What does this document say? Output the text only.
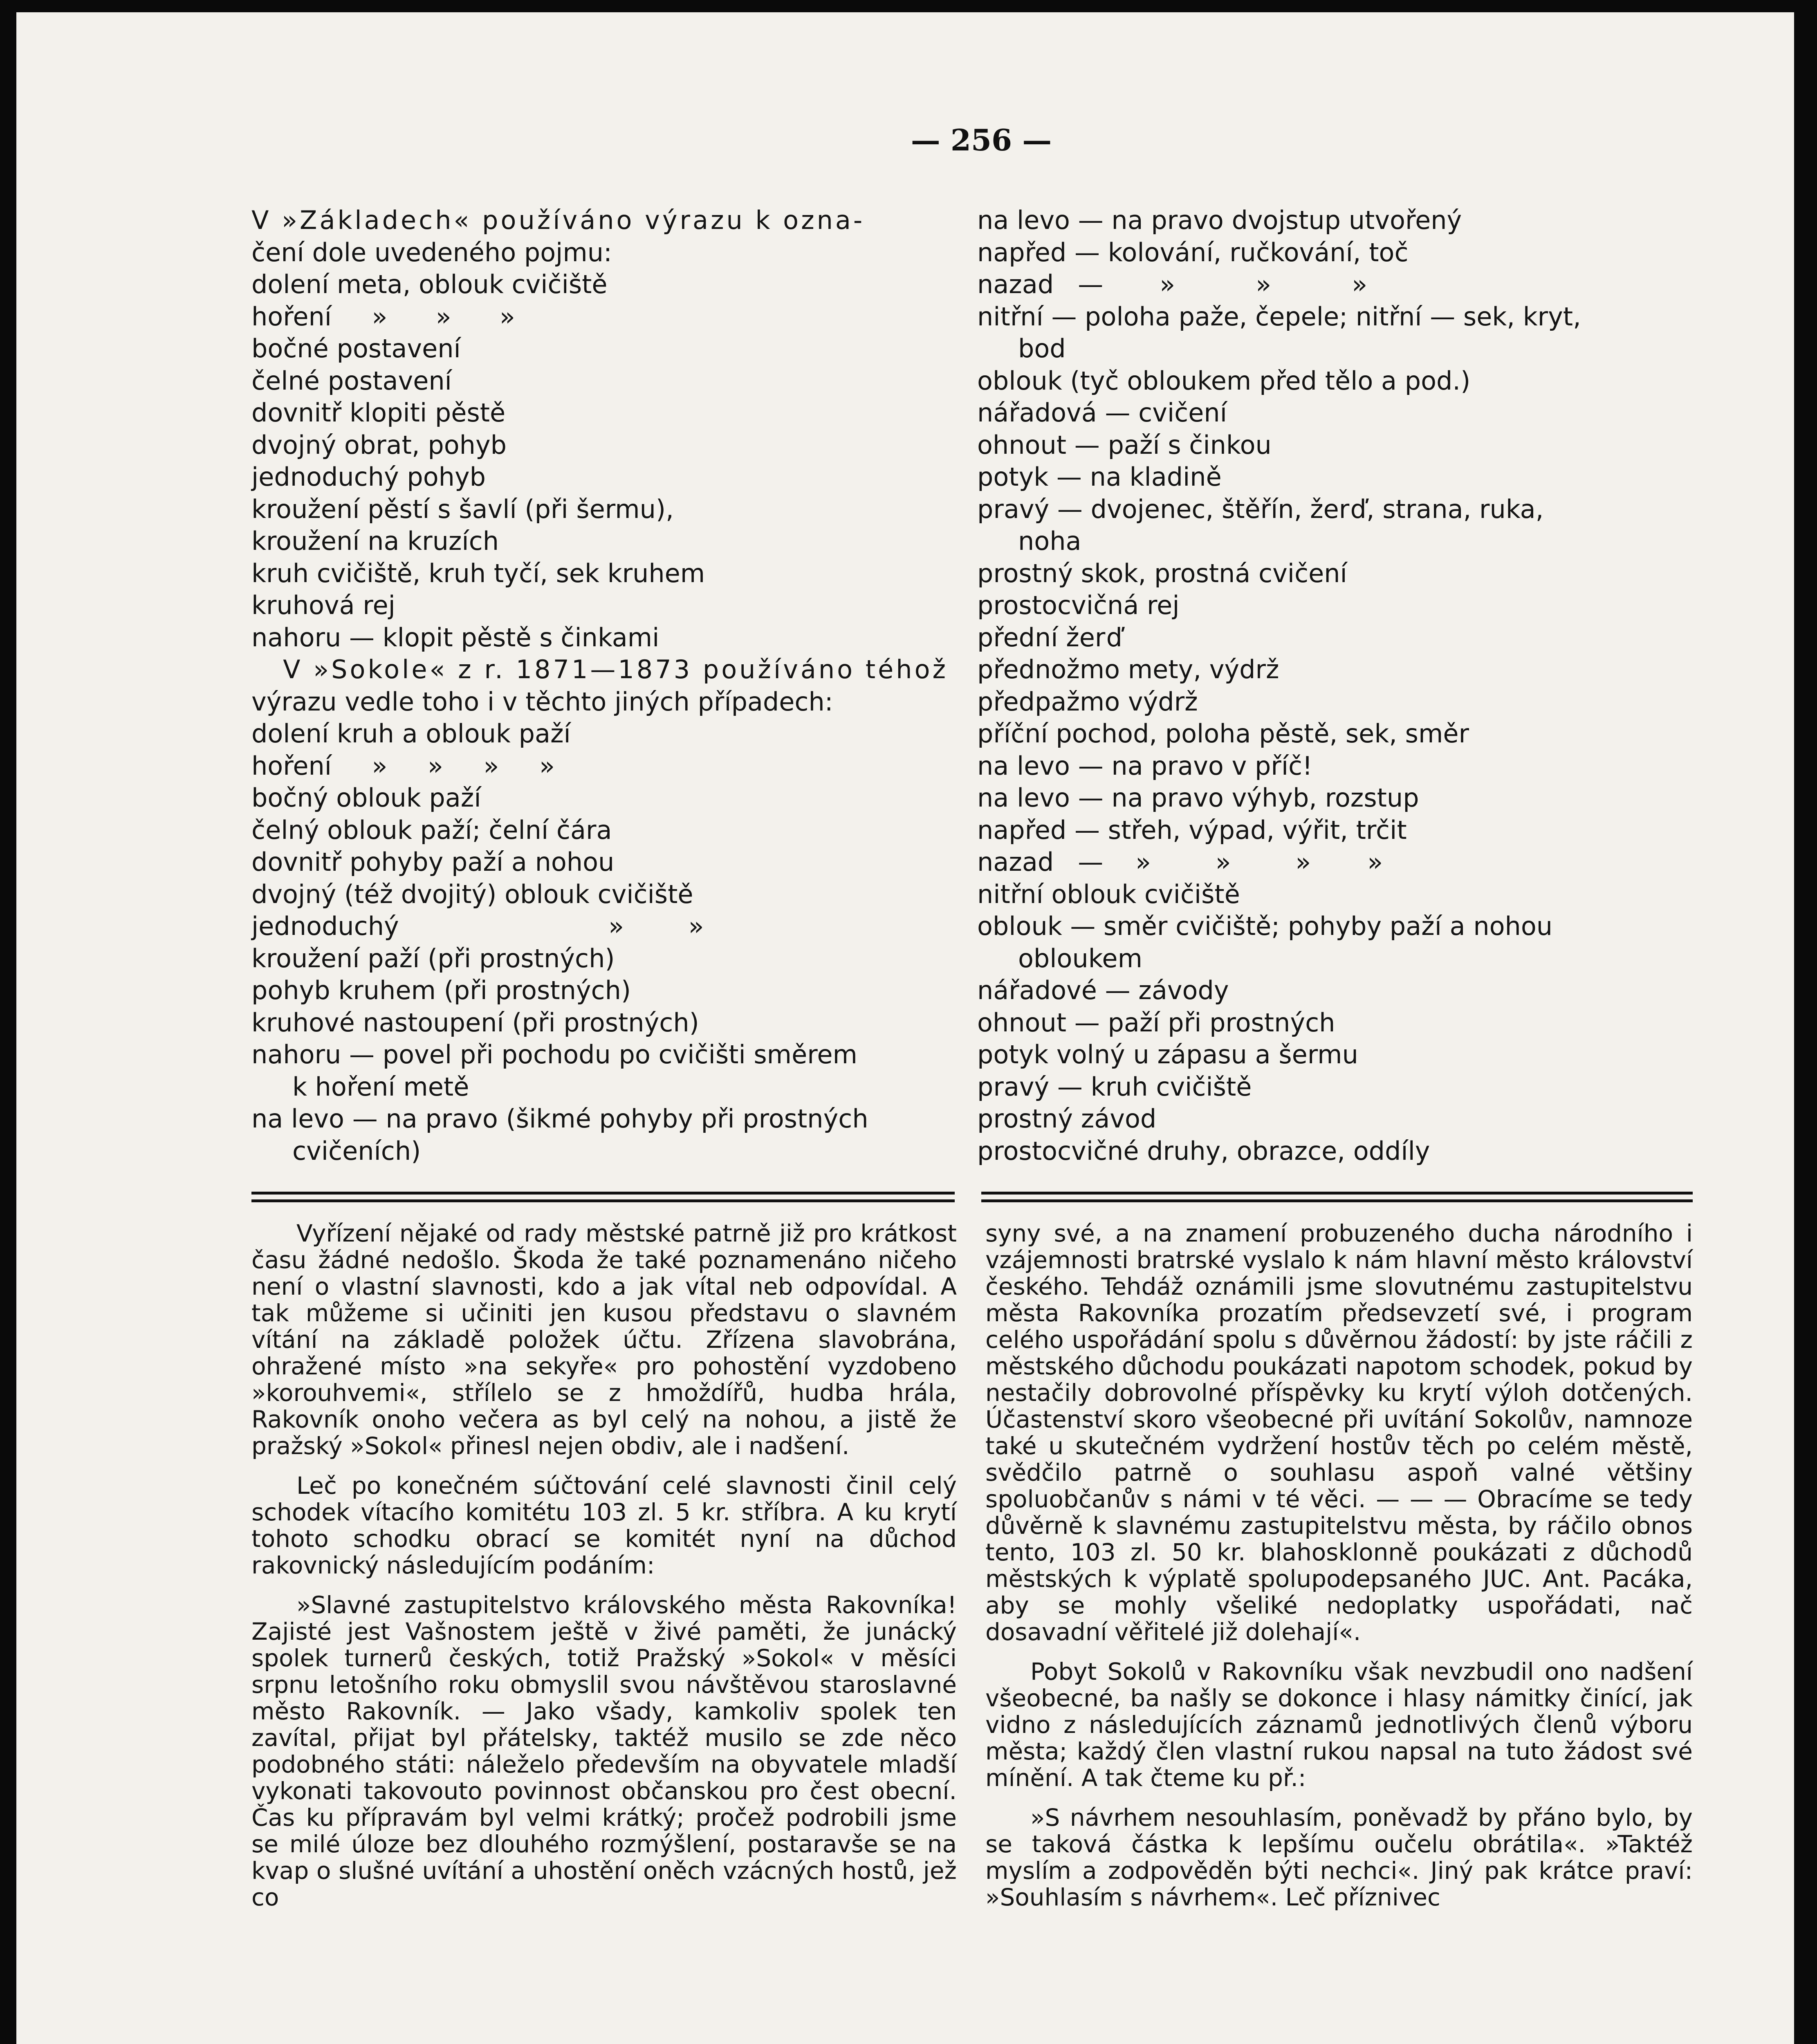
— 256 —
V »Základech« používáno výrazu k ozna-
čení dole uvedeného pojmu:
dolení meta, oblouk cvičiště
hoření     »      »      »
bočné postavení
čelné postavení
dovnitř klopiti pěstě
dvojný obrat, pohyb
jednoduchý pohyb
kroužení pěstí s šavlí (při šermu),
kroužení na kruzích
kruh cvičiště, kruh tyčí, sek kruhem
kruhová rej
nahoru — klopit pěstě s činkami
V »Sokole« z r. 1871—1873 používáno téhož
výrazu vedle toho i v těchto jiných případech:
dolení kruh a oblouk paží
hoření     »     »     »     »
bočný oblouk paží
čelný oblouk paží; čelní čára
dovnitř pohyby paží a nohou
dvojný (též dvojitý) oblouk cvičiště
jednoduchý                          »        »
kroužení paží (při prostných)
pohyb kruhem (při prostných)
kruhové nastoupení (při prostných)
nahoru — povel při pochodu po cvičišti směrem
k hoření metě
na levo — na pravo (šikmé pohyby při prostných
cvičeních)
na levo — na pravo dvojstup utvořený
napřed — kolování, ručkování, toč
nazad   —       »          »          »
nitřní — poloha paže, čepele; nitřní — sek, kryt,
bod
oblouk (tyč obloukem před tělo a pod.)
nářadová — cvičení
ohnout — paží s činkou
potyk — na kladině
pravý — dvojenec, štěřín, žerď, strana, ruka,
noha
prostný skok, prostná cvičení
prostocvičná rej
přední žerď
přednožmo mety, výdrž
předpažmo výdrž
příční pochod, poloha pěstě, sek, směr
na levo — na pravo v příč!
na levo — na pravo výhyb, rozstup
napřed — střeh, výpad, výřit, trčit
nazad   —    »        »        »       »
nitřní oblouk cvičiště
oblouk — směr cvičiště; pohyby paží a nohou
obloukem
nářadové — závody
ohnout — paží při prostných
potyk volný u zápasu a šermu
pravý — kruh cvičiště
prostný závod
prostocvičné druhy, obrazce, oddíly

Vyřízení nějaké od rady městské patrně již pro krátkost času žádné nedošlo. Škoda že také poznamenáno ničeho není o vlastní slavnosti, kdo a jak vítal neb odpovídal. A tak můžeme si učiniti jen kusou představu o slavném vítání na základě položek účtu. Zřízena slavobrána, ohražené místo »na sekyře« pro pohostění vyzdobeno »korouhvemi«, střílelo se z hmoždířů, hudba hrála, Rakovník onoho večera as byl celý na nohou, a jistě že pražský »Sokol« přinesl nejen obdiv, ale i nadšení.

Leč po konečném súčtování celé slavnosti činil celý schodek vítacího komitétu 103 zl. 5 kr. stříbra. A ku krytí tohoto schodku obrací se komitét nyní na důchod rakovnický následujícím podáním:

»Slavné zastupitelstvo královského města Rakovníka! Zajisté jest Vašnostem ještě v živé paměti, že junácký spolek turnerů českých, totiž Pražský »Sokol« v měsíci srpnu letošního roku obmyslil svou návštěvou staroslavné město Rakovník. — Jako všady, kamkoliv spolek ten zavítal, přijat byl přátelsky, taktéž musilo se zde něco podobného státi: náleželo především na obyvatele mladší vykonati takovouto povinnost občanskou pro čest obecní. Čas ku přípravám byl velmi krátký; pročež podrobili jsme se milé úloze bez dlouhého rozmýšlení, postaravše se na kvap o slušné uvítání a uhostění oněch vzácných hostů, jež co

syny své, a na znamení probuzeného ducha národního i vzájemnosti bratrské vyslalo k nám hlavní město království českého. Tehdáž oznámili jsme slovutnému zastupitelstvu města Rakovníka prozatím předsevzetí své, i program celého uspořádání spolu s důvěrnou žádostí: by jste ráčili z městského důchodu poukázati napotom schodek, pokud by nestačily dobrovolné příspěvky ku krytí výloh dotčených. Účastenství skoro všeobecné při uvítání Sokolův, namnoze také u skutečném vydržení hostův těch po celém městě, svědčilo patrně o souhlasu aspoň valné většiny spoluobčanův s námi v té věci. — — — Obracíme se tedy důvěrně k slavnému zastupitelstvu města, by ráčilo obnos tento, 103 zl. 50 kr. blahosklonně poukázati z důchodů městských k výplatě spolupodepsaného JUC. Ant. Pacáka, aby se mohly všeliké nedoplatky uspořádati, nač dosavadní věřitelé již dolehají«.

Pobyt Sokolů v Rakovníku však nevzbudil ono nadšení všeobecné, ba našly se dokonce i hlasy námitky činící, jak vidno z následujících záznamů jednotlivých členů výboru města; každý člen vlastní rukou napsal na tuto žádost své mínění. A tak čteme ku př.:

»S návrhem nesouhlasím, poněvadž by přáno bylo, by se taková částka k lepšímu oučelu obrátila«. »Taktéž myslím a zodpověděn býti nechci«. Jiný pak krátce praví: »Souhlasím s návrhem«. Leč příznivec
